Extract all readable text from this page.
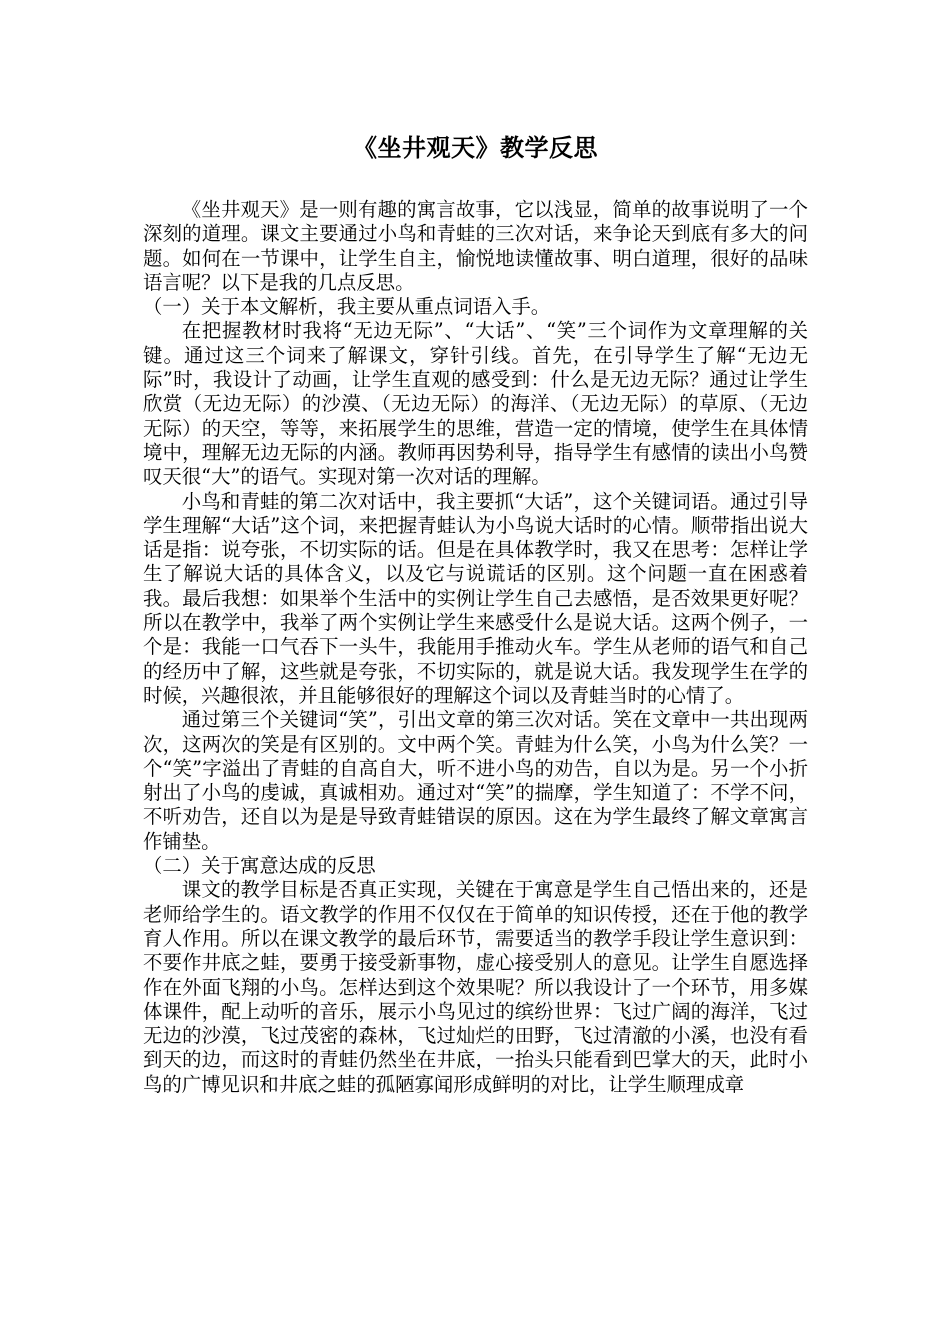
《坐井观天》教学反思

《坐井观天》是一则有趣的寓言故事，它以浅显，简单的故事说明了一个深刻的道理。课文主要通过小鸟和青蛙的三次对话，来争论天到底有多大的问题。如何在一节课中，让学生自主，愉悦地读懂故事、明白道理，很好的品味语言呢？以下是我的几点反思。

（一）关于本文解析，我主要从重点词语入手。

在把握教材时我将“无边无际”、“大话”、“笑”三个词作为文章理解的关键。通过这三个词来了解课文，穿针引线。首先，在引导学生了解“无边无际”时，我设计了动画，让学生直观的感受到：什么是无边无际？通过让学生欣赏（无边无际）的沙漠、（无边无际）的海洋、（无边无际）的草原、（无边无际）的天空，等等，来拓展学生的思维，营造一定的情境，使学生在具体情境中，理解无边无际的内涵。教师再因势利导，指导学生有感情的读出小鸟赞叹天很“大”的语气。实现对第一次对话的理解。

小鸟和青蛙的第二次对话中，我主要抓“大话”，这个关键词语。通过引导学生理解“大话”这个词，来把握青蛙认为小鸟说大话时的心情。顺带指出说大话是指：说夸张，不切实际的话。但是在具体教学时，我又在思考：怎样让学生了解说大话的具体含义，以及它与说谎话的区别。这个问题一直在困惑着我。最后我想：如果举个生活中的实例让学生自己去感悟，是否效果更好呢？所以在教学中，我举了两个实例让学生来感受什么是说大话。这两个例子，一个是：我能一口气吞下一头牛，我能用手推动火车。学生从老师的语气和自己的经历中了解，这些就是夸张，不切实际的，就是说大话。我发现学生在学的时候，兴趣很浓，并且能够很好的理解这个词以及青蛙当时的心情了。

通过第三个关键词“笑”，引出文章的第三次对话。笑在文章中一共出现两次，这两次的笑是有区别的。文中两个笑。青蛙为什么笑，小鸟为什么笑？一个“笑”字溢出了青蛙的自高自大，听不进小鸟的劝告，自以为是。另一个小折射出了小鸟的虔诚，真诚相劝。通过对“笑”的揣摩，学生知道了：不学不问，不听劝告，还自以为是是导致青蛙错误的原因。这在为学生最终了解文章寓言作铺垫。

（二）关于寓意达成的反思

课文的教学目标是否真正实现，关键在于寓意是学生自己悟出来的，还是老师给学生的。语文教学的作用不仅仅在于简单的知识传授，还在于他的教学育人作用。所以在课文教学的最后环节，需要适当的教学手段让学生意识到：不要作井底之蛙，要勇于接受新事物，虚心接受别人的意见。让学生自愿选择作在外面飞翔的小鸟。怎样达到这个效果呢？所以我设计了一个环节，用多媒体课件，配上动听的音乐，展示小鸟见过的缤纷世界：飞过广阔的海洋，飞过无边的沙漠，飞过茂密的森林，飞过灿烂的田野，飞过清澈的小溪，也没有看到天的边，而这时的青蛙仍然坐在井底，一抬头只能看到巴掌大的天，此时小鸟的广博见识和井底之蛙的孤陋寡闻形成鲜明的对比，让学生顺理成章
